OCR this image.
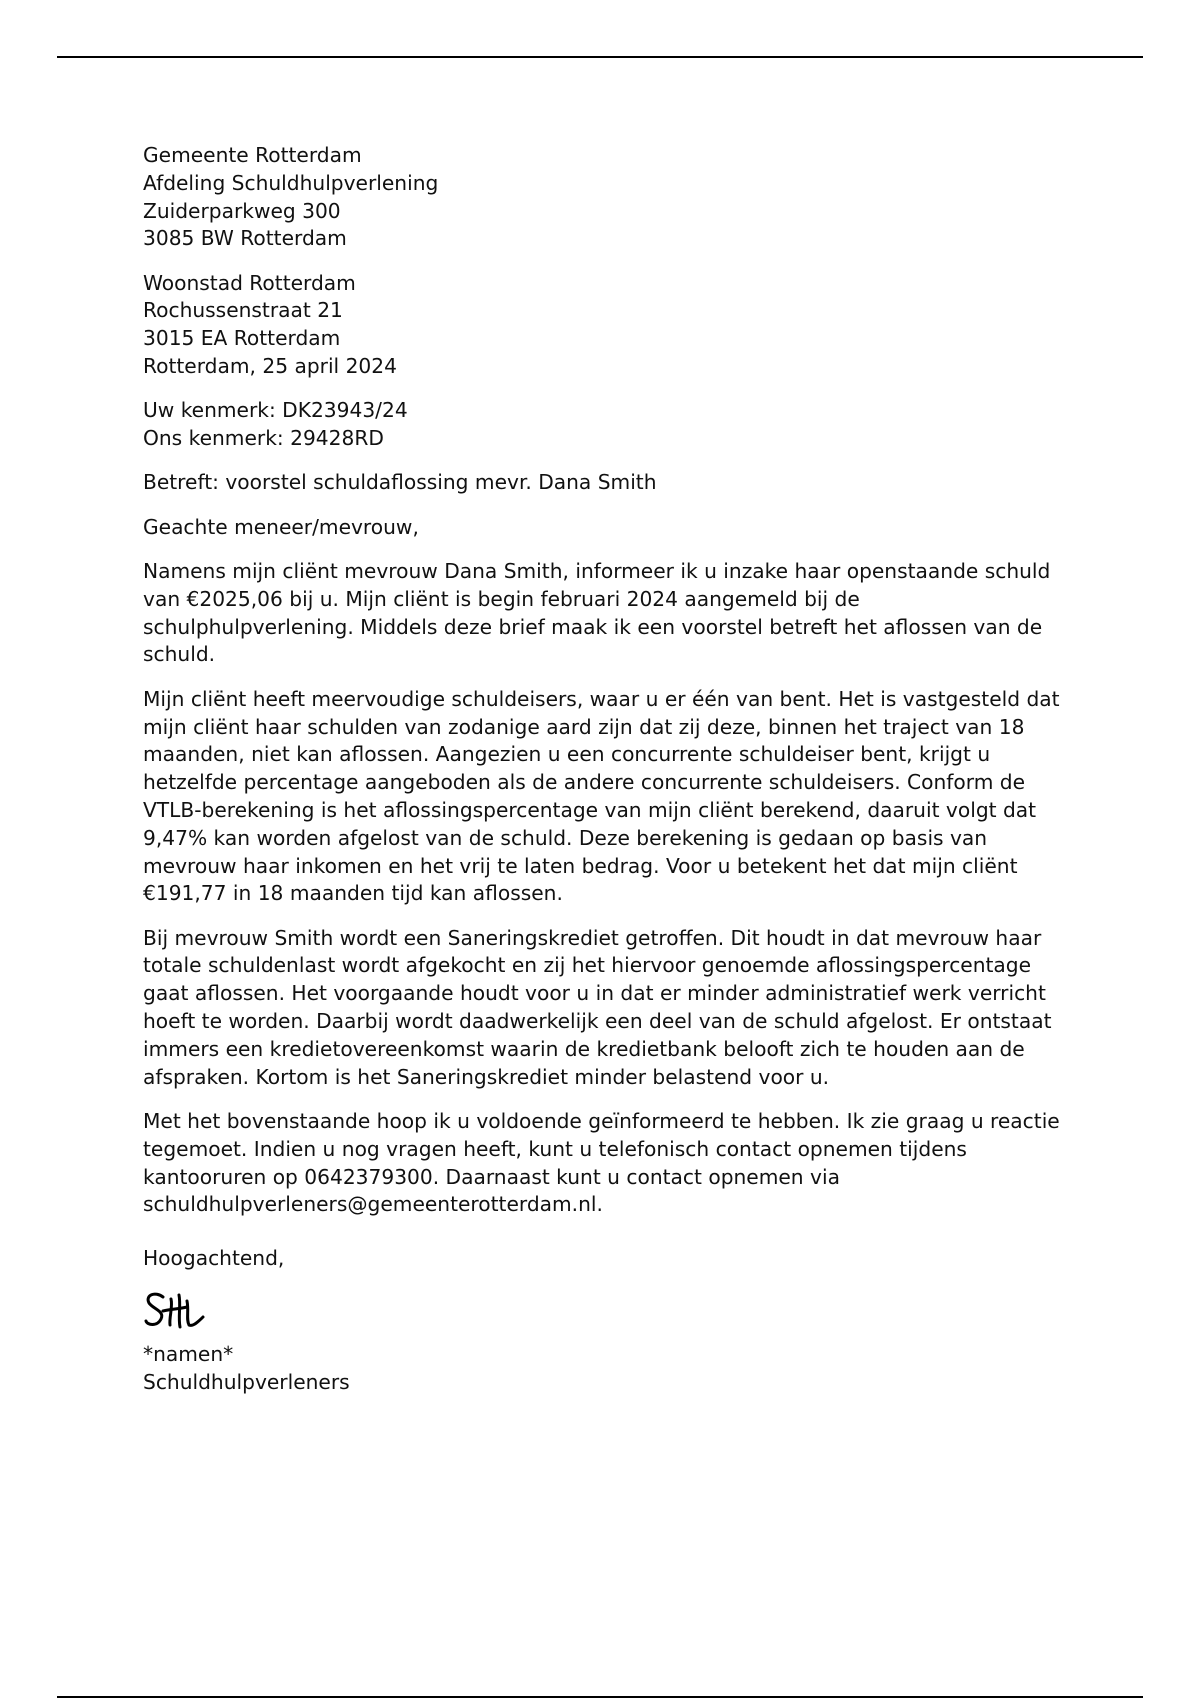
Gemeente Rotterdam
Afdeling Schuldhulpverlening
Zuiderparkweg 300
3085 BW Rotterdam
Woonstad Rotterdam
Rochussenstraat 21
3015 EA Rotterdam
Rotterdam, 25 april 2024
Uw kenmerk: DK23943/24
Ons kenmerk: 29428RD
Betreft: voorstel schuldaflossing mevr. Dana Smith
Geachte meneer/mevrouw,

Namens mijn cliënt mevrouw Dana Smith, informeer ik u inzake haar openstaande schuld van €2025,06 bij u. Mijn cliënt is begin februari 2024 aangemeld bij de schulphulpverlening. Middels deze brief maak ik een voorstel betreft het aflossen van de schuld.

Mijn cliënt heeft meervoudige schuldeisers, waar u er één van bent. Het is vastgesteld dat mijn cliënt haar schulden van zodanige aard zijn dat zij deze, binnen het traject van 18 maanden, niet kan aflossen. Aangezien u een concurrente schuldeiser bent, krijgt u hetzelfde percentage aangeboden als de andere concurrente schuldeisers. Conform de VTLB-berekening is het aflossingspercentage van mijn cliënt berekend, daaruit volgt dat 9,47% kan worden afgelost van de schuld. Deze berekening is gedaan op basis van mevrouw haar inkomen en het vrij te laten bedrag. Voor u betekent het dat mijn cliënt €191,77 in 18 maanden tijd kan aflossen.

Bij mevrouw Smith wordt een Saneringskrediet getroffen. Dit houdt in dat mevrouw haar totale schuldenlast wordt afgekocht en zij het hiervoor genoemde aflossingspercentage gaat aflossen. Het voorgaande houdt voor u in dat er minder administratief werk verricht hoeft te worden. Daarbij wordt daadwerkelijk een deel van de schuld afgelost. Er ontstaat immers een kredietovereenkomst waarin de kredietbank belooft zich te houden aan de afspraken. Kortom is het Saneringskrediet minder belastend voor u.

Met het bovenstaande hoop ik u voldoende geïnformeerd te hebben. Ik zie graag u reactie tegemoet. Indien u nog vragen heeft, kunt u telefonisch contact opnemen tijdens kantooruren op 0642379300. Daarnaast kunt u contact opnemen via schuldhulpverleners@gemeenterotterdam.nl.

Hoogachtend,
*namen*
Schuldhulpverleners
